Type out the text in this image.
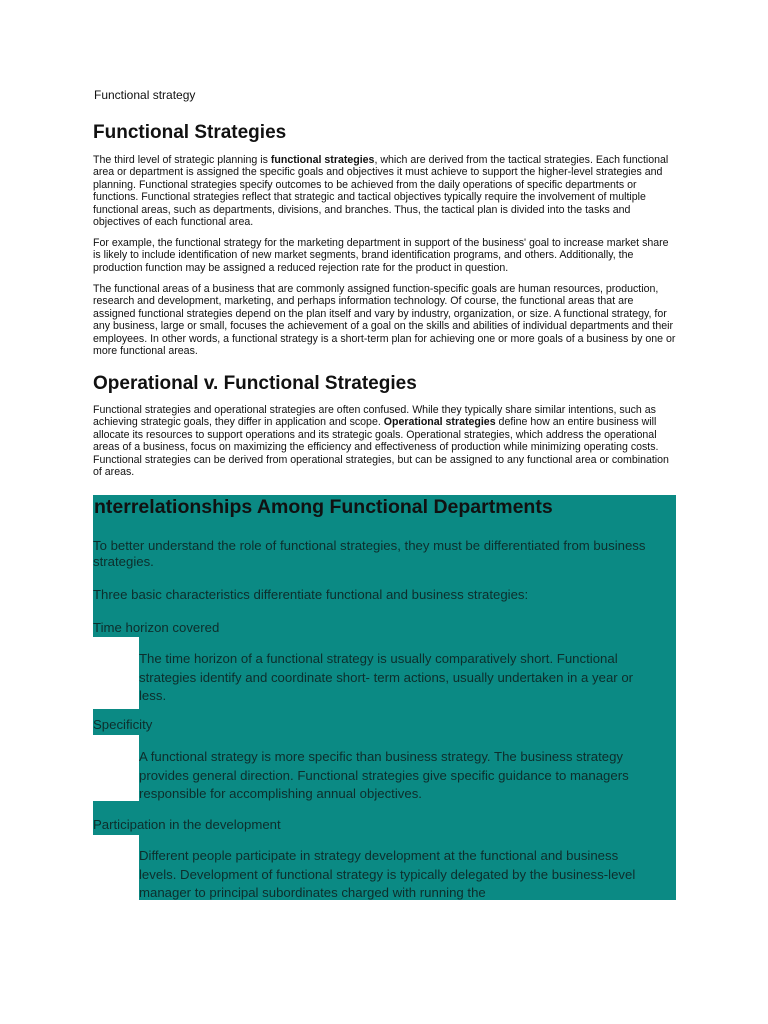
Functional strategy
Functional Strategies

The third level of strategic planning is functional strategies, which are derived from the tactical strategies. Each functional area or department is assigned the specific goals and objectives it must achieve to support the higher-level strategies and planning. Functional strategies specify outcomes to be achieved from the daily operations of specific departments or functions. Functional strategies reflect that strategic and tactical objectives typically require the involvement of multiple functional areas, such as departments, divisions, and branches. Thus, the tactical plan is divided into the tasks and objectives of each functional area.

For example, the functional strategy for the marketing department in support of the business' goal to increase market share is likely to include identification of new market segments, brand identification programs, and others. Additionally, the production function may be assigned a reduced rejection rate for the product in question.

The functional areas of a business that are commonly assigned function-specific goals are human resources, production, research and development, marketing, and perhaps information technology. Of course, the functional areas that are assigned functional strategies depend on the plan itself and vary by industry, organization, or size. A functional strategy, for any business, large or small, focuses the achievement of a goal on the skills and abilities of individual departments and their employees. In other words, a functional strategy is a short-term plan for achieving one or more goals of a business by one or more functional areas.

Operational v. Functional Strategies

Functional strategies and operational strategies are often confused. While they typically share similar intentions, such as achieving strategic goals, they differ in application and scope. Operational strategies define how an entire business will allocate its resources to support operations and its strategic goals. Operational strategies, which address the operational areas of a business, focus on maximizing the efficiency and effectiveness of production while minimizing operating costs. Functional strategies can be derived from operational strategies, but can be assigned to any functional area or combination of areas.

nterrelationships Among Functional Departments

To better understand the role of functional strategies, they must be differentiated from business strategies.

Three basic characteristics differentiate functional and business strategies:

Time horizon covered

The time horizon of a functional strategy is usually comparatively short. Functional strategies identify and coordinate short- term actions, usually undertaken in a year or less.

Specificity

A functional strategy is more specific than business strategy. The business strategy provides general direction. Functional strategies give specific guidance to managers responsible for accomplishing annual objectives.

Participation in the development

Different people participate in strategy development at the functional and business levels. Development of functional strategy is typically delegated by the business-level manager to principal subordinates charged with running the
